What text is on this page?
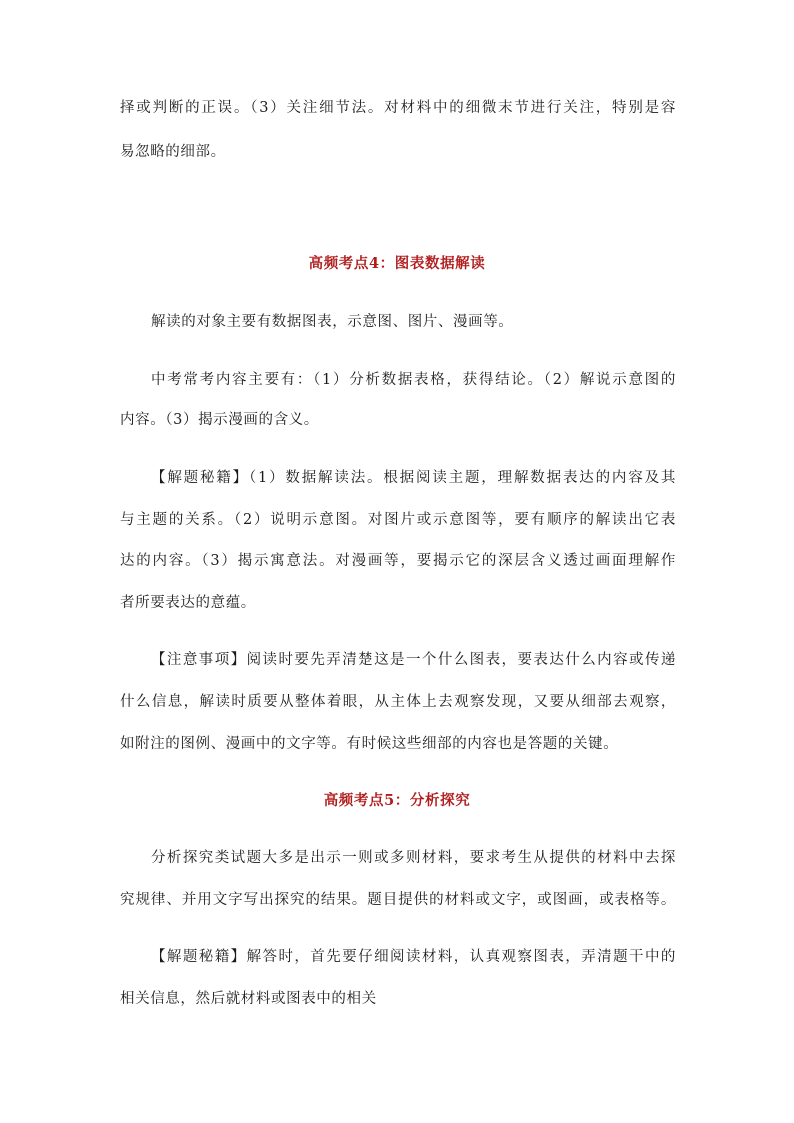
择或判断的正误。（3）关注细节法。对材料中的细微末节进行关注，特别是容

易忽略的细部。

高频考点4：图表数据解读

解读的对象主要有数据图表，示意图、图片、漫画等。

中考常考内容主要有：（1）分析数据表格，获得结论。（2）解说示意图的

内容。（3）揭示漫画的含义。

【解题秘籍】（1）数据解读法。根据阅读主题，理解数据表达的内容及其

与主题的关系。（2）说明示意图。对图片或示意图等，要有顺序的解读出它表

达的内容。（3）揭示寓意法。对漫画等，要揭示它的深层含义透过画面理解作

者所要表达的意蕴。

【注意事项】阅读时要先弄清楚这是一个什么图表，要表达什么内容或传递

什么信息，解读时质要从整体着眼，从主体上去观察发现，又要从细部去观察，

如附注的图例、漫画中的文字等。有时候这些细部的内容也是答题的关键。

高频考点5：分析探究

分析探究类试题大多是出示一则或多则材料，要求考生从提供的材料中去探

究规律、并用文字写出探究的结果。题目提供的材料或文字，或图画，或表格等。

【解题秘籍】解答时，首先要仔细阅读材料，认真观察图表，弄清题干中的

相关信息，然后就材料或图表中的相关
